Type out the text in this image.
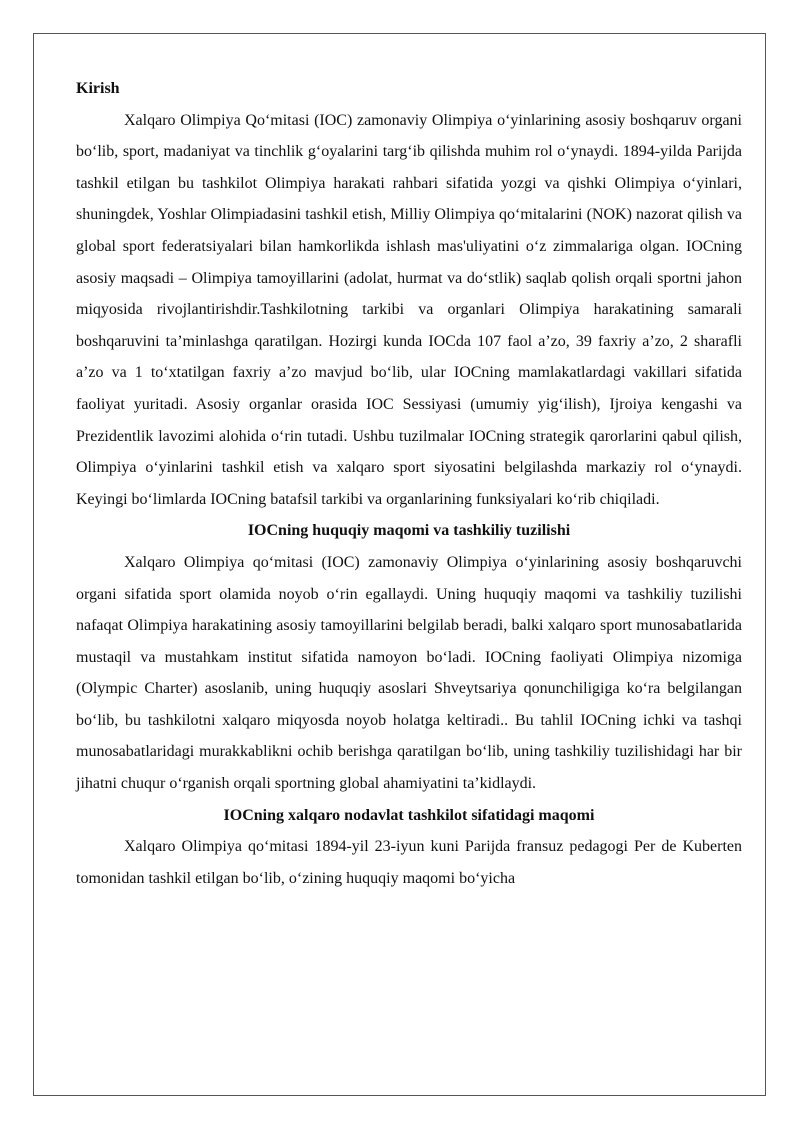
Kirish

Xalqaro Olimpiya Qo‘mitasi (IOC) zamonaviy Olimpiya o‘yinlarining asosiy boshqaruv organi bo‘lib, sport, madaniyat va tinchlik g‘oyalarini targ‘ib qilishda muhim rol o‘ynaydi. 1894-yilda Parijda tashkil etilgan bu tashkilot Olimpiya harakati rahbari sifatida yozgi va qishki Olimpiya o‘yinlari, shuningdek, Yoshlar Olimpiadasini tashkil etish, Milliy Olimpiya qo‘mitalarini (NOK) nazorat qilish va global sport federatsiyalari bilan hamkorlikda ishlash mas'uliyatini o‘z zimmalariga olgan. IOCning asosiy maqsadi – Olimpiya tamoyillarini (adolat, hurmat va do‘stlik) saqlab qolish orqali sportni jahon miqyosida rivojlantirishdir.Tashkilotning tarkibi va organlari Olimpiya harakatining samarali boshqaruvini ta’minlashga qaratilgan. Hozirgi kunda IOCda 107 faol a’zo, 39 faxriy a’zo, 2 sharafli a’zo va 1 to‘xtatilgan faxriy a’zo mavjud bo‘lib, ular IOCning mamlakatlardagi vakillari sifatida faoliyat yuritadi. Asosiy organlar orasida IOC Sessiyasi (umumiy yig‘ilish), Ijroiya kengashi va Prezidentlik lavozimi alohida o‘rin tutadi. Ushbu tuzilmalar IOCning strategik qarorlarini qabul qilish, Olimpiya o‘yinlarini tashkil etish va xalqaro sport siyosatini belgilashda markaziy rol o‘ynaydi. Keyingi bo‘limlarda IOCning batafsil tarkibi va organlarining funksiyalari ko‘rib chiqiladi.

IOCning huquqiy maqomi va tashkiliy tuzilishi

Xalqaro Olimpiya qo‘mitasi (IOC) zamonaviy Olimpiya o‘yinlarining asosiy boshqaruvchi organi sifatida sport olamida noyob o‘rin egallaydi. Uning huquqiy maqomi va tashkiliy tuzilishi nafaqat Olimpiya harakatining asosiy tamoyillarini belgilab beradi, balki xalqaro sport munosabatlarida mustaqil va mustahkam institut sifatida namoyon bo‘ladi. IOCning faoliyati Olimpiya nizomiga (Olympic Charter) asoslanib, uning huquqiy asoslari Shveytsariya qonunchiligiga ko‘ra belgilangan bo‘lib, bu tashkilotni xalqaro miqyosda noyob holatga keltiradi.. Bu tahlil IOCning ichki va tashqi munosabatlaridagi murakkablikni ochib berishga qaratilgan bo‘lib, uning tashkiliy tuzilishidagi har bir jihatni chuqur o‘rganish orqali sportning global ahamiyatini ta’kidlaydi.

IOCning xalqaro nodavlat tashkilot sifatidagi maqomi

Xalqaro Olimpiya qo‘mitasi 1894-yil 23-iyun kuni Parijda fransuz pedagogi Per de Kuberten tomonidan tashkil etilgan bo‘lib, o‘zining huquqiy maqomi bo‘yicha
